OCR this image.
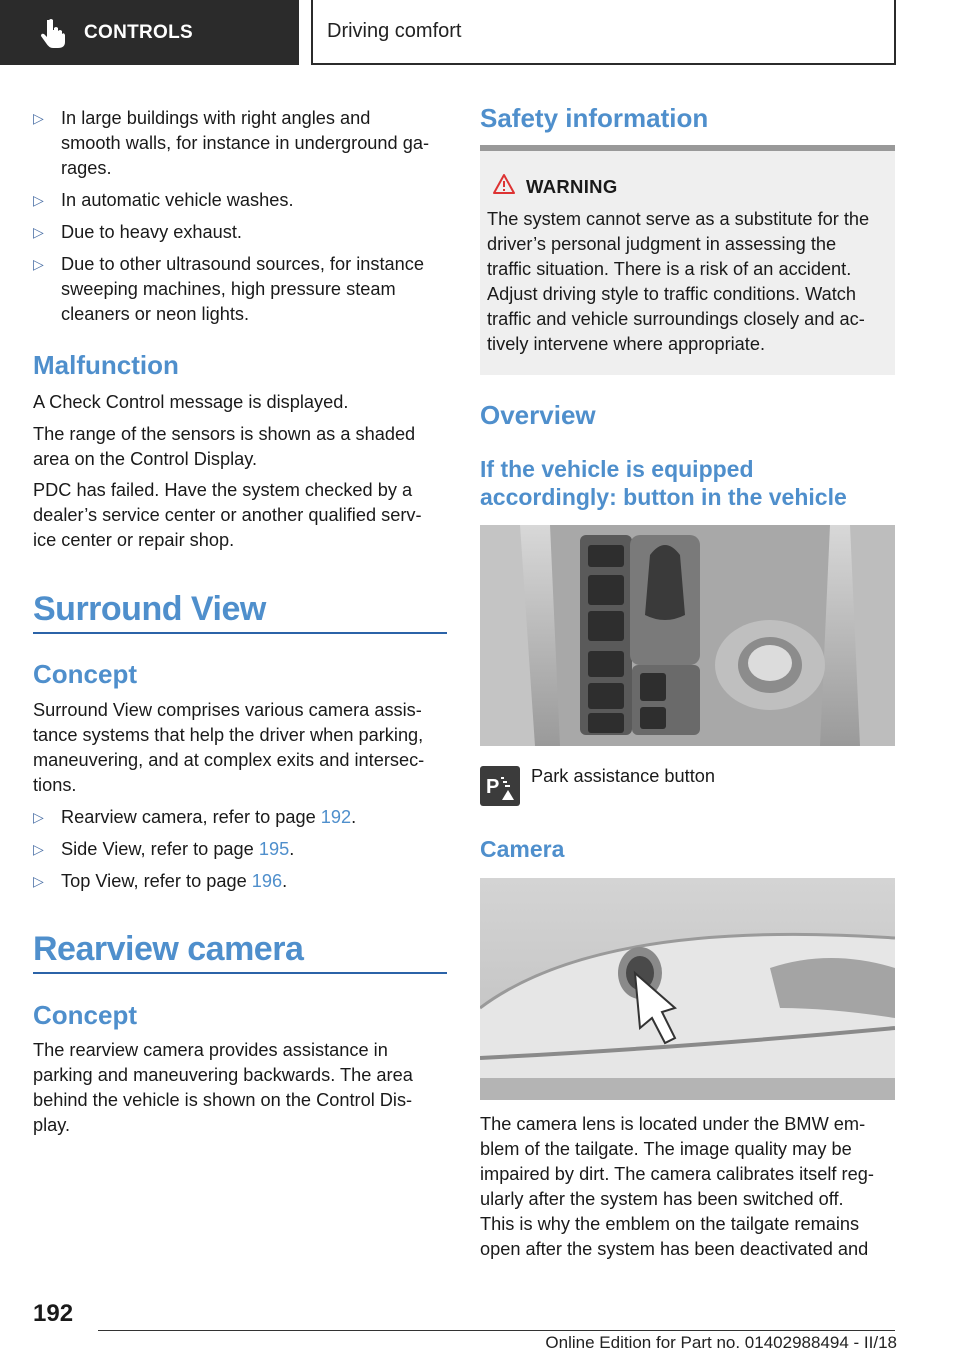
CONTROLS	Driving comfort
▷ In large buildings with right angles and
smooth walls, for instance in underground ga‐
rages.
▷ In automatic vehicle washes.
▷ Due to heavy exhaust.
▷ Due to other ultrasound sources, for instance
sweeping machines, high pressure steam
cleaners or neon lights.
Malfunction
A Check Control message is displayed.
The range of the sensors is shown as a shaded
area on the Control Display.
PDC has failed. Have the system checked by a
dealer’s service center or another qualified serv‐
ice center or repair shop.
Surround View
Concept
Surround View comprises various camera assis‐
tance systems that help the driver when parking,
maneuvering, and at complex exits and intersec‐
tions.
▷ Rearview camera, refer to page 192.
▷ Side View, refer to page 195.
▷ Top View, refer to page 196.
Rearview camera
Concept
The rearview camera provides assistance in
parking and maneuvering backwards. The area
behind the vehicle is shown on the Control Dis‐
play.
Safety information
WARNING
The system cannot serve as a substitute for the
driver’s personal judgment in assessing the
traffic situation. There is a risk of an accident.
Adjust driving style to traffic conditions. Watch
traffic and vehicle surroundings closely and ac‐
tively intervene where appropriate.
Overview
If the vehicle is equipped
accordingly: button in the vehicle
P Park assistance button
Camera
The camera lens is located under the BMW em‐
blem of the tailgate. The image quality may be
impaired by dirt. The camera calibrates itself reg‐
ularly after the system has been switched off.
This is why the emblem on the tailgate remains
open after the system has been deactivated and
192
Online Edition for Part no. 01402988494 - II/18
